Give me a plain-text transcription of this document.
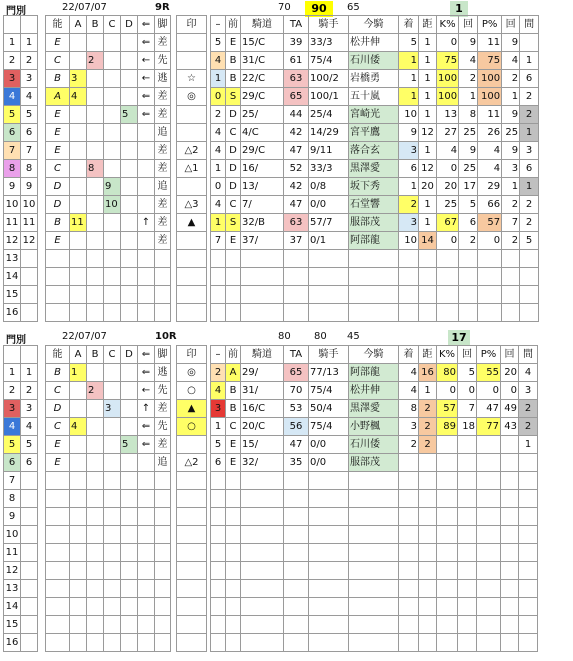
門別	22/07/07	9R	70	90	65	1
門別	22/07/07	10R	80 80 45	17
			能	A	B	C	D	⇐	脚		印		–	前	騎道	TA	騎手	今騎	着	距	K%	回	P%	回	間
1	1		E					⇐	差				5	E	15/C	39	33/3	松井伸	5	1	0	9	11	9	
2	2		C		2			←	先				4	B	31/C	61	75/4	石川倭	1	1	75	4	75	4	1
3	3		B	3				←	逃		☆		1	B	22/C	63	100/2	岩橋勇	1	1	100	2	100	2	6
4	4		A	4				⇐	差		◎		0	S	29/C	65	100/1	五十嵐	1	1	100	1	100	1	2
5	5		E				5	⇐	差				2	D	25/	44	25/4	宮崎光	10	1	13	8	11	9	2
6	6		E						追				4	C	4/C	42	14/29	宮平鷹	9	12	27	25	26	25	1
7	7		E						差		△2		4	D	29/C	47	9/11	落合玄	3	1	4	9	4	9	3
8	8		C		8				差		△1		1	D	16/	52	33/3	黒澤愛	6	12	0	25	4	3	6
9	9		D			9			追				0	D	13/	42	0/8	坂下秀	1	20	20	17	29	1	1
10	10		D			10			差		△3		4	C	7/	47	0/0	石堂響	2	1	25	5	66	2	2
11	11		B	11				↑	差		▲		1	S	32/B	63	57/7	服部茂	3	1	67	6	57	7	2
12	12		E						差				7	E	37/	37	0/1	阿部龍	10	14	0	2	0	2	5
13																									
14																									
15																									
16																									
			能	A	B	C	D	⇐	脚		印		–	前	騎道	TA	騎手	今騎	着	距	K%	回	P%	回	間
1	1		B	1				⇐	逃		◎		2	A	29/	65	77/13	阿部龍	4	16	80	5	55	20	4
2	2		C		2			←	先		○		4	B	31/	70	75/4	松井伸	4	1	0	0	0	0	3
3	3		D			3		↑	差		▲		3	B	16/C	53	50/4	黒澤愛	8	2	57	7	47	49	2
4	4		C	4				⇐	先		○		1	C	20/C	56	75/4	小野楓	3	2	89	18	77	43	2
5	5		E				5	⇐	差				5	E	15/	47	0/0	石川倭	2	2					1
6	6		E						追		△2		6	E	32/	35	0/0	服部茂							
7																									
8																									
9																									
10																									
11																									
12																									
13																									
14																									
15																									
16																									
